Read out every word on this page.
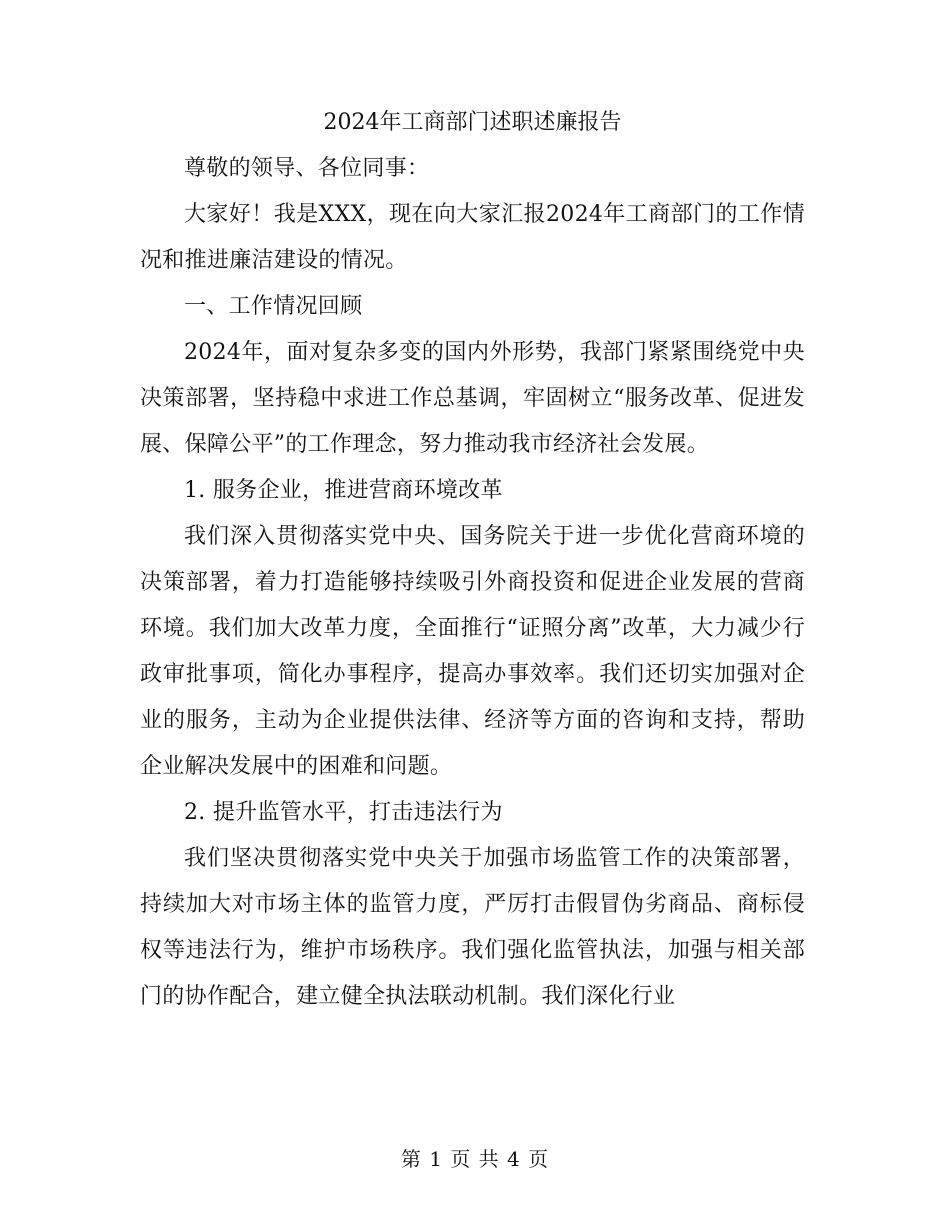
2024年工商部门述职述廉报告

尊敬的领导、各位同事：

大家好！我是XXX，现在向大家汇报2024年工商部门的工作情况和推进廉洁建设的情况。

一、工作情况回顾

2024年，面对复杂多变的国内外形势，我部门紧紧围绕党中央决策部署，坚持稳中求进工作总基调，牢固树立“服务改革、促进发展、保障公平”的工作理念，努力推动我市经济社会发展。

1. 服务企业，推进营商环境改革

我们深入贯彻落实党中央、国务院关于进一步优化营商环境的决策部署，着力打造能够持续吸引外商投资和促进企业发展的营商环境。我们加大改革力度，全面推行“证照分离”改革，大力减少行政审批事项，简化办事程序，提高办事效率。我们还切实加强对企业的服务，主动为企业提供法律、经济等方面的咨询和支持，帮助企业解决发展中的困难和问题。

2. 提升监管水平，打击违法行为

我们坚决贯彻落实党中央关于加强市场监管工作的决策部署，持续加大对市场主体的监管力度，严厉打击假冒伪劣商品、商标侵权等违法行为，维护市场秩序。我们强化监管执法，加强与相关部门的协作配合，建立健全执法联动机制。我们深化行业

第 1 页 共 4 页
